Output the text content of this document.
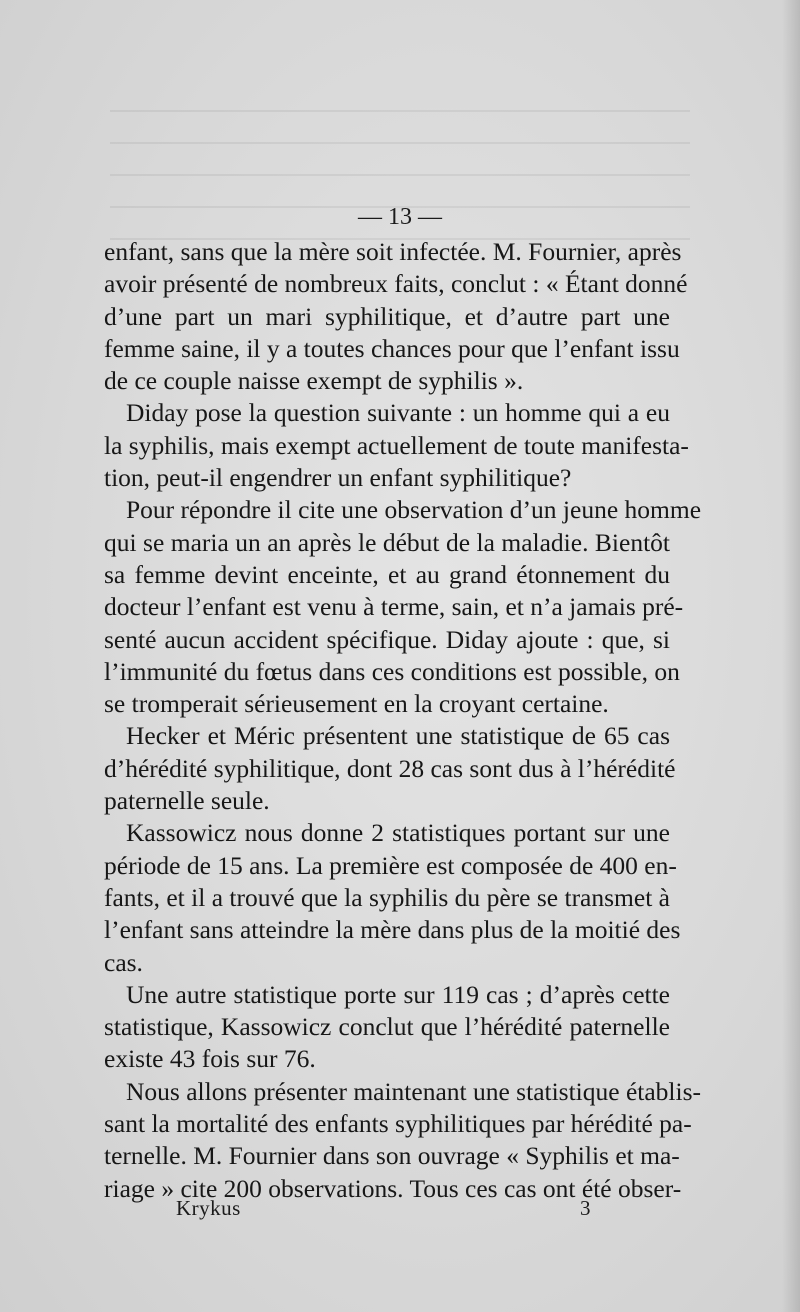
— 13 —
enfant, sans que la mère soit infectée. M. Fournier, après
avoir présenté de nombreux faits, conclut : « Étant donné
d’une part un mari syphilitique, et d’autre part une
femme saine, il y a toutes chances pour que l’enfant issu
de ce couple naisse exempt de syphilis ».
Diday pose la question suivante : un homme qui a eu
la syphilis, mais exempt actuellement de toute manifesta-
tion, peut-il engendrer un enfant syphilitique?
Pour répondre il cite une observation d’un jeune homme
qui se maria un an après le début de la maladie. Bientôt
sa femme devint enceinte, et au grand étonnement du
docteur l’enfant est venu à terme, sain, et n’a jamais pré-
senté aucun accident spécifique. Diday ajoute : que, si
l’immunité du fœtus dans ces conditions est possible, on
se tromperait sérieusement en la croyant certaine.
Hecker et Méric présentent une statistique de 65 cas
d’hérédité syphilitique, dont 28 cas sont dus à l’hérédité
paternelle seule.
Kassowicz nous donne 2 statistiques portant sur une
période de 15 ans. La première est composée de 400 en-
fants, et il a trouvé que la syphilis du père se transmet à
l’enfant sans atteindre la mère dans plus de la moitié des
cas.
Une autre statistique porte sur 119 cas ; d’après cette
statistique, Kassowicz conclut que l’hérédité paternelle
existe 43 fois sur 76.
Nous allons présenter maintenant une statistique établis-
sant la mortalité des enfants syphilitiques par hérédité pa-
ternelle. M. Fournier dans son ouvrage « Syphilis et ma-
riage » cite 200 observations. Tous ces cas ont été obser-
Krykus	3
